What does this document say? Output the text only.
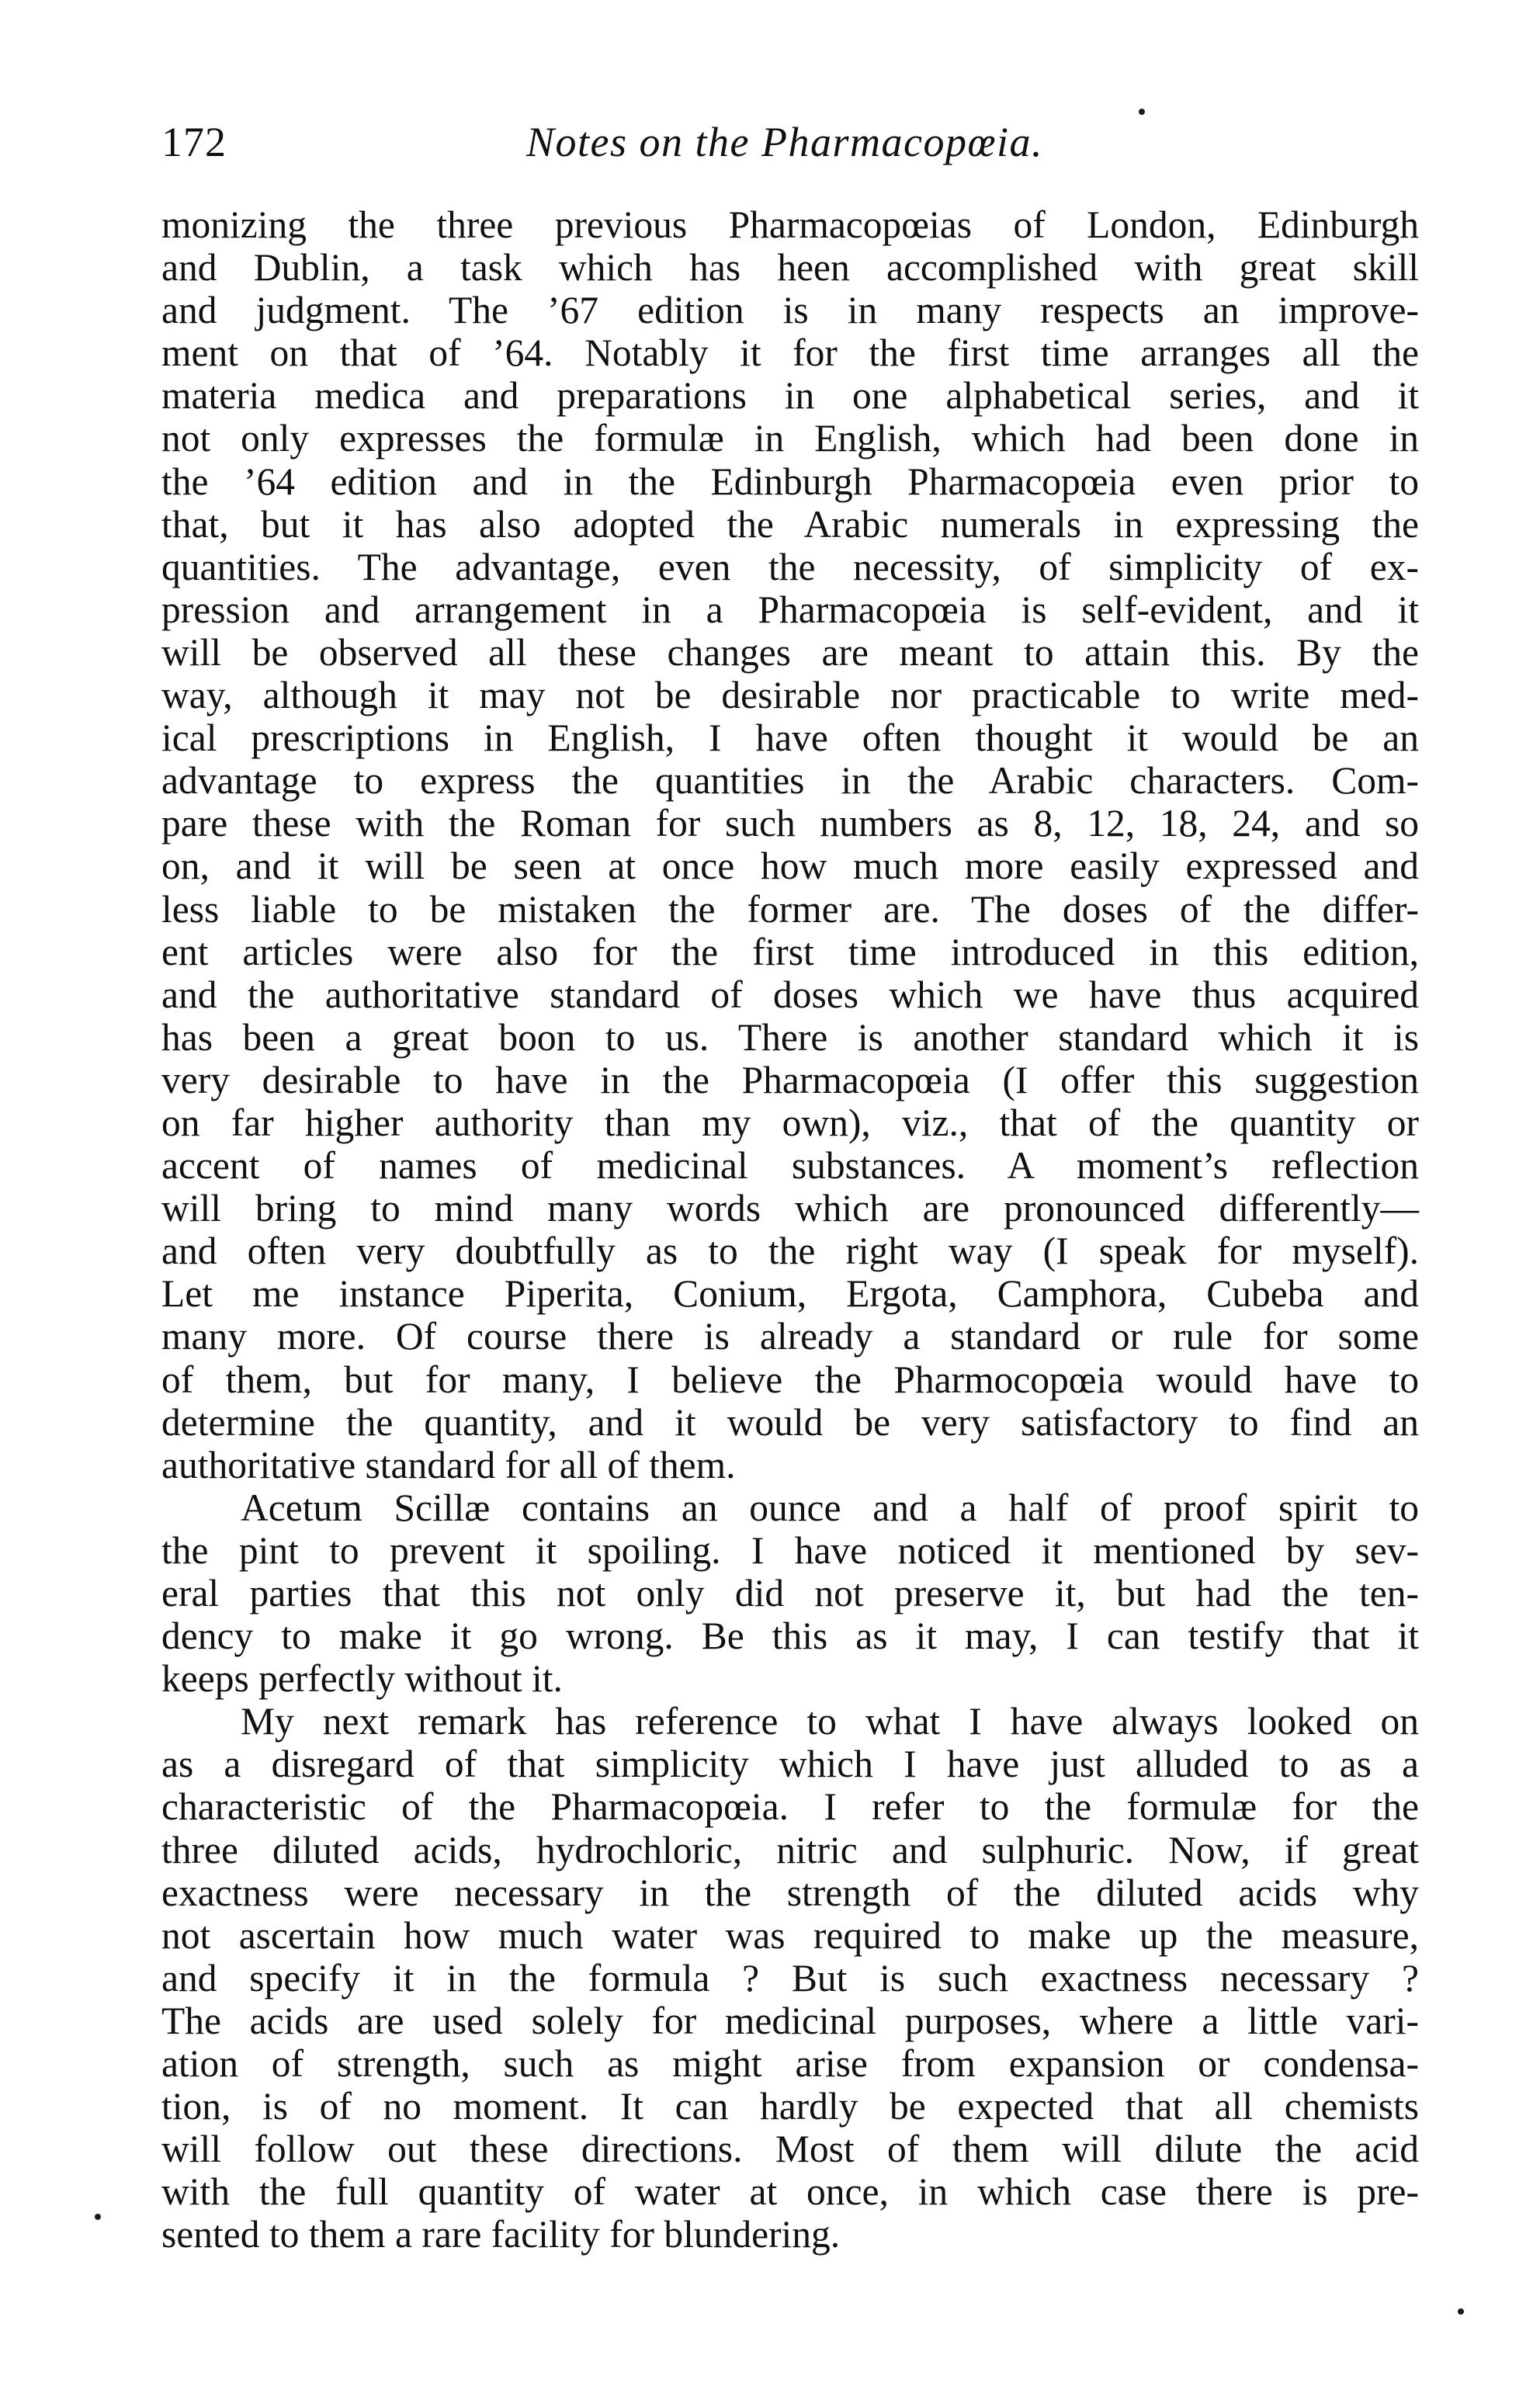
172	Notes on the Pharmacopœia.
monizing the three previous Pharmacopœias of London, Edinburgh
and Dublin, a task which has heen accomplished with great skill
and judgment. The ’67 edition is in many respects an improve-
ment on that of ’64. Notably it for the first time arranges all the
materia medica and preparations in one alphabetical series, and it
not only expresses the formulæ in English, which had been done in
the ’64 edition and in the Edinburgh Pharmacopœia even prior to
that, but it has also adopted the Arabic numerals in expressing the
quantities. The advantage, even the necessity, of simplicity of ex-
pression and arrangement in a Pharmacopœia is self-evident, and it
will be observed all these changes are meant to attain this. By the
way, although it may not be desirable nor practicable to write med-
ical prescriptions in English, I have often thought it would be an
advantage to express the quantities in the Arabic characters. Com-
pare these with the Roman for such numbers as 8, 12, 18, 24, and so
on, and it will be seen at once how much more easily expressed and
less liable to be mistaken the former are. The doses of the differ-
ent articles were also for the first time introduced in this edition,
and the authoritative standard of doses which we have thus acquired
has been a great boon to us. There is another standard which it is
very desirable to have in the Pharmacopœia (I offer this suggestion
on far higher authority than my own), viz., that of the quantity or
accent of names of medicinal substances. A moment’s reflection
will bring to mind many words which are pronounced differently—
and often very doubtfully as to the right way (I speak for myself).
Let me instance Piperita, Conium, Ergota, Camphora, Cubeba and
many more. Of course there is already a standard or rule for some
of them, but for many, I believe the Pharmocopœia would have to
determine the quantity, and it would be very satisfactory to find an
authoritative standard for all of them.
Acetum Scillæ contains an ounce and a half of proof spirit to
the pint to prevent it spoiling. I have noticed it mentioned by sev-
eral parties that this not only did not preserve it, but had the ten-
dency to make it go wrong. Be this as it may, I can testify that it
keeps perfectly without it.
My next remark has reference to what I have always looked on
as a disregard of that simplicity which I have just alluded to as a
characteristic of the Pharmacopœia. I refer to the formulæ for the
three diluted acids, hydrochloric, nitric and sulphuric. Now, if great
exactness were necessary in the strength of the diluted acids why
not ascertain how much water was required to make up the measure,
and specify it in the formula ? But is such exactness necessary ?
The acids are used solely for medicinal purposes, where a little vari-
ation of strength, such as might arise from expansion or condensa-
tion, is of no moment. It can hardly be expected that all chemists
will follow out these directions. Most of them will dilute the acid
with the full quantity of water at once, in which case there is pre-
sented to them a rare facility for blundering.
